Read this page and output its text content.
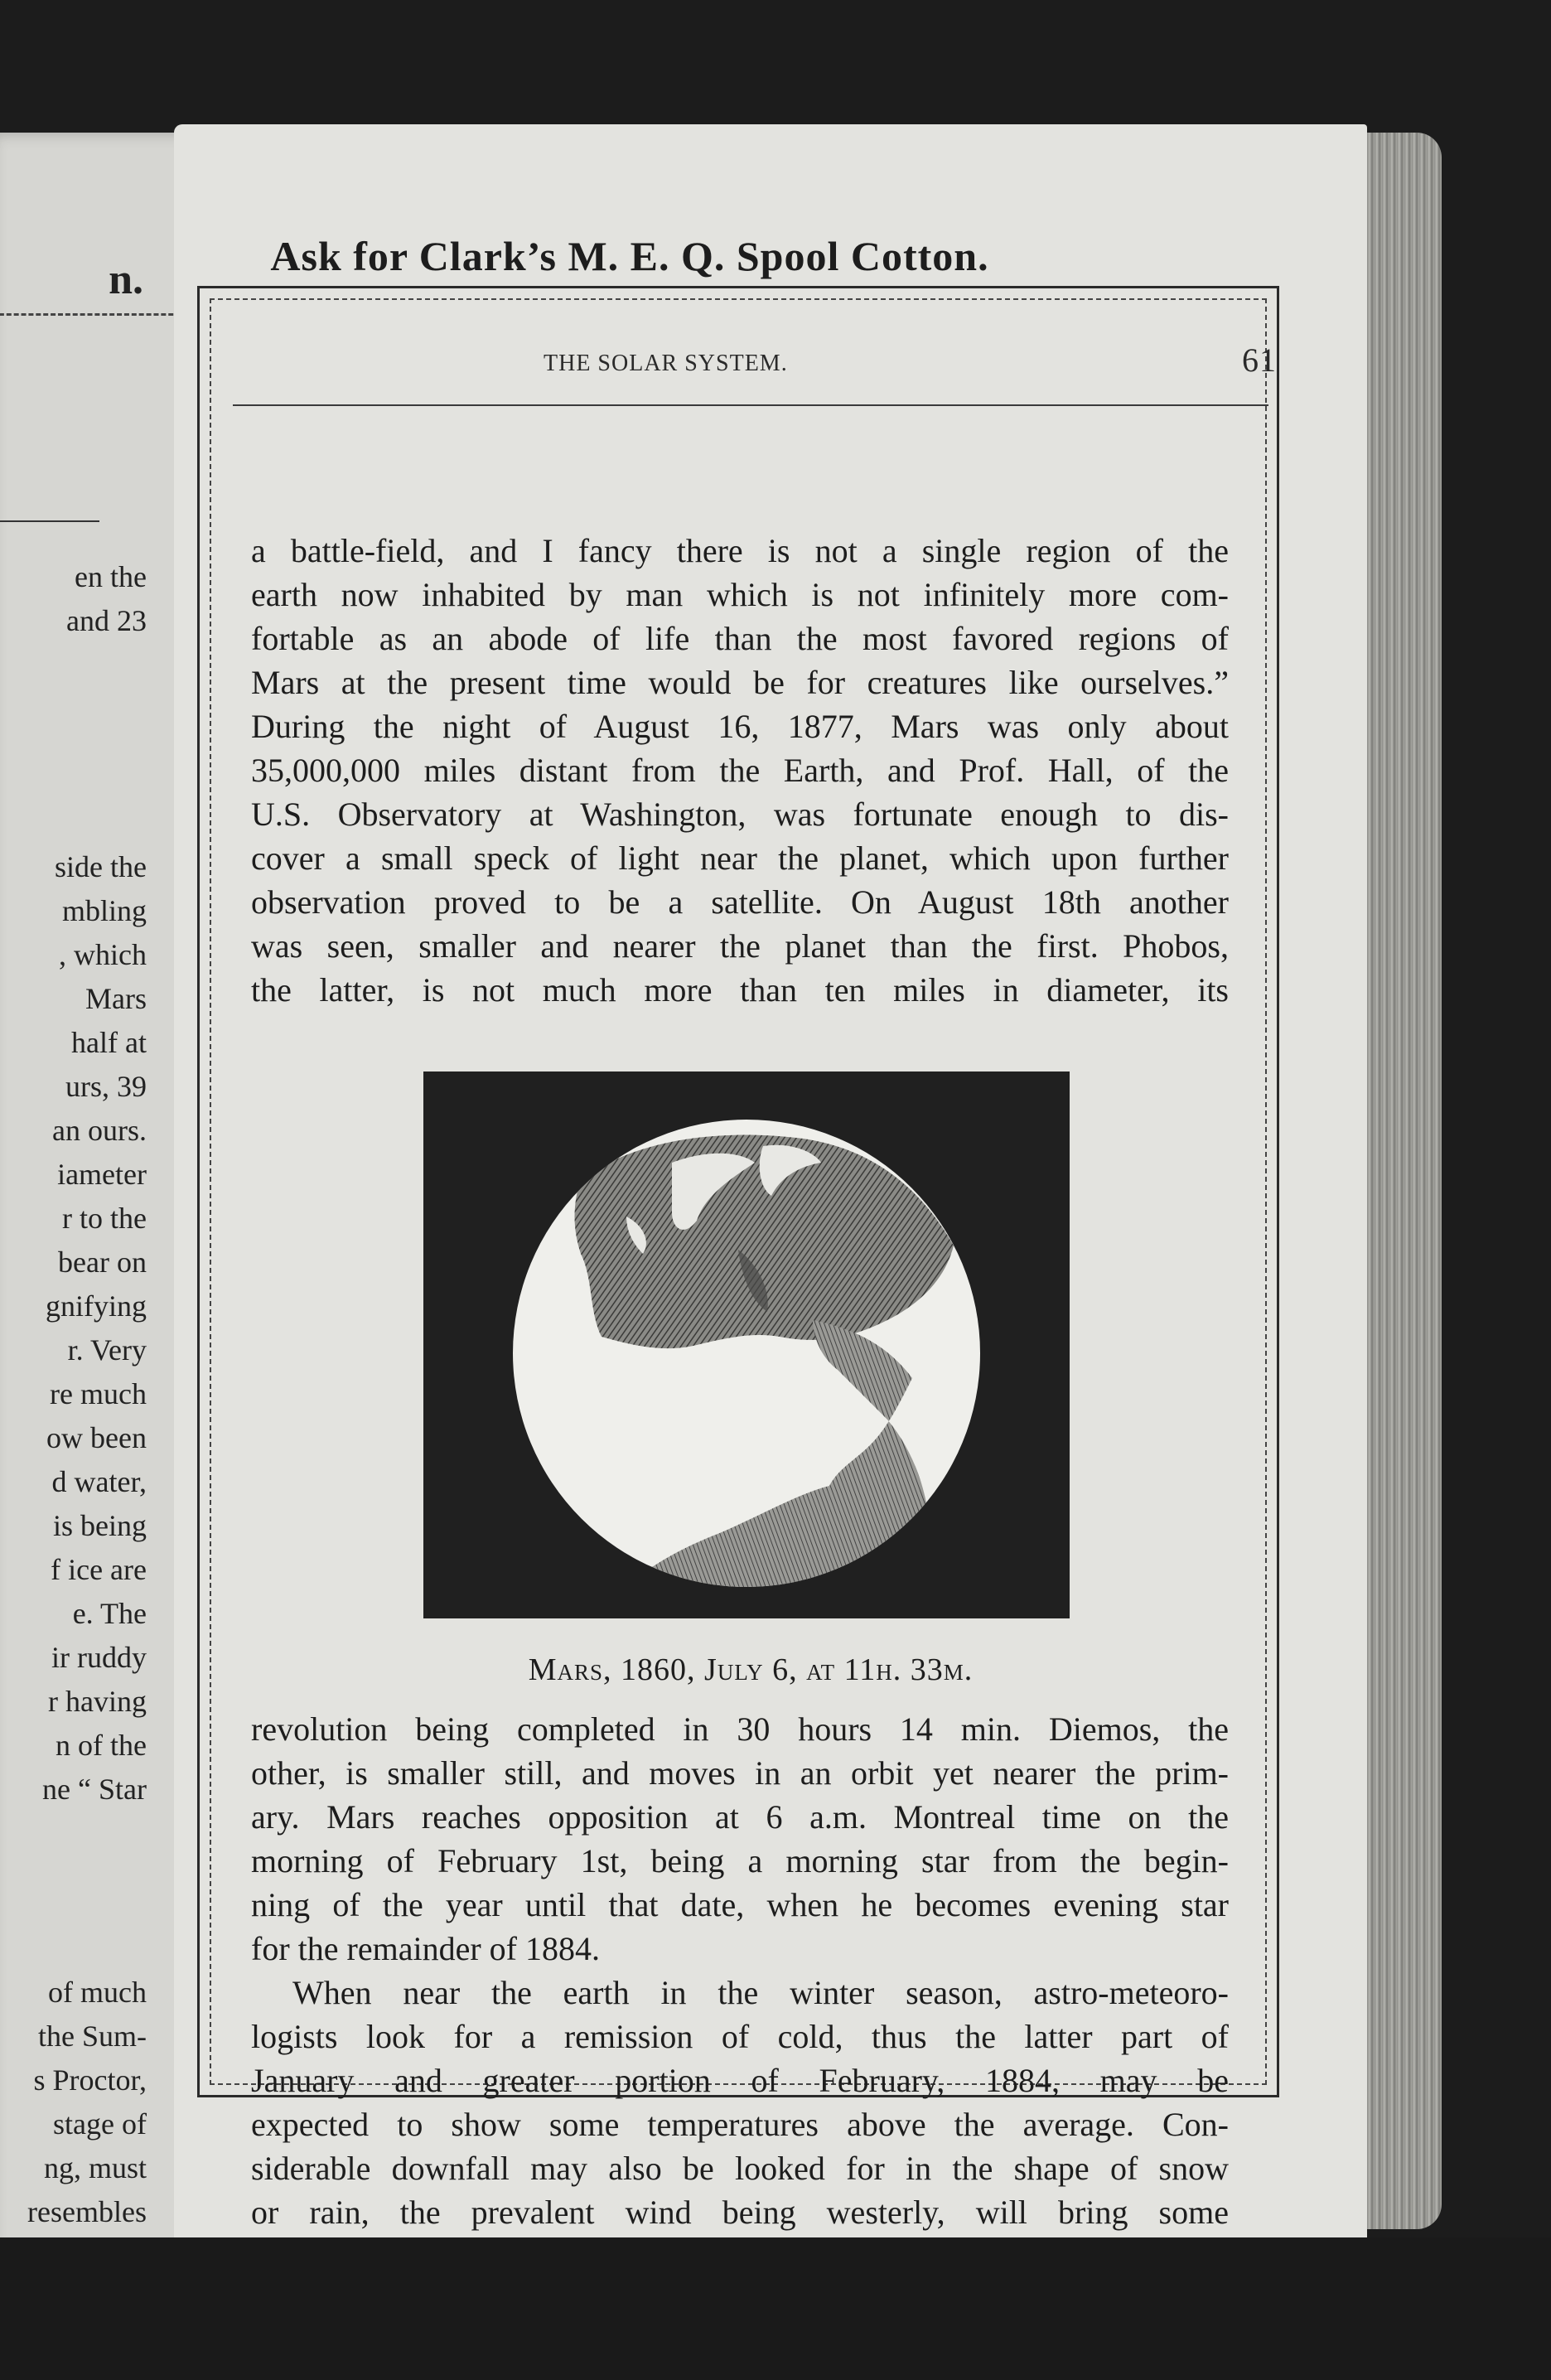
n.
en the
and 23
side the
mbling
, which
Mars
half at
urs, 39
an ours.
iameter
r to the
bear on
gnifying
r. Very
re much
ow been
d water,
is being
f ice are
e. The
ir ruddy
r having
n of the
ne “ Star
of much
the Sum-
s Proctor,
stage of
ng, must
resembles
Ask for Clark’s M. E. Q. Spool Cotton.
THE SOLAR SYSTEM.	61
a battle-field, and I fancy there is not a single region of the
earth now inhabited by man which is not infinitely more com-
fortable as an abode of life than the most favored regions of
Mars at the present time would be for creatures like ourselves.”
During the night of August 16, 1877, Mars was only about
35,000,000 miles distant from the Earth, and Prof. Hall, of the
U.S. Observatory at Washington, was fortunate enough to dis-
cover a small speck of light near the planet, which upon further
observation proved to be a satellite. On August 18th another
was seen, smaller and nearer the planet than the first. Phobos,
the latter, is not much more than ten miles in diameter, its
Mars, 1860, July 6, at 11h. 33m.
revolution being completed in 30 hours 14 min. Diemos, the
other, is smaller still, and moves in an orbit yet nearer the prim-
ary. Mars reaches opposition at 6 a.m. Montreal time on the
morning of February 1st, being a morning star from the begin-
ning of the year until that date, when he becomes evening star
for the remainder of 1884.
When near the earth in the winter season, astro-meteoro-
logists look for a remission of cold, thus the latter part of
January and greater portion of February, 1884, may be
expected to show some temperatures above the average. Con-
siderable downfall may also be looked for in the shape of snow
or rain, the prevalent wind being westerly, will bring some
